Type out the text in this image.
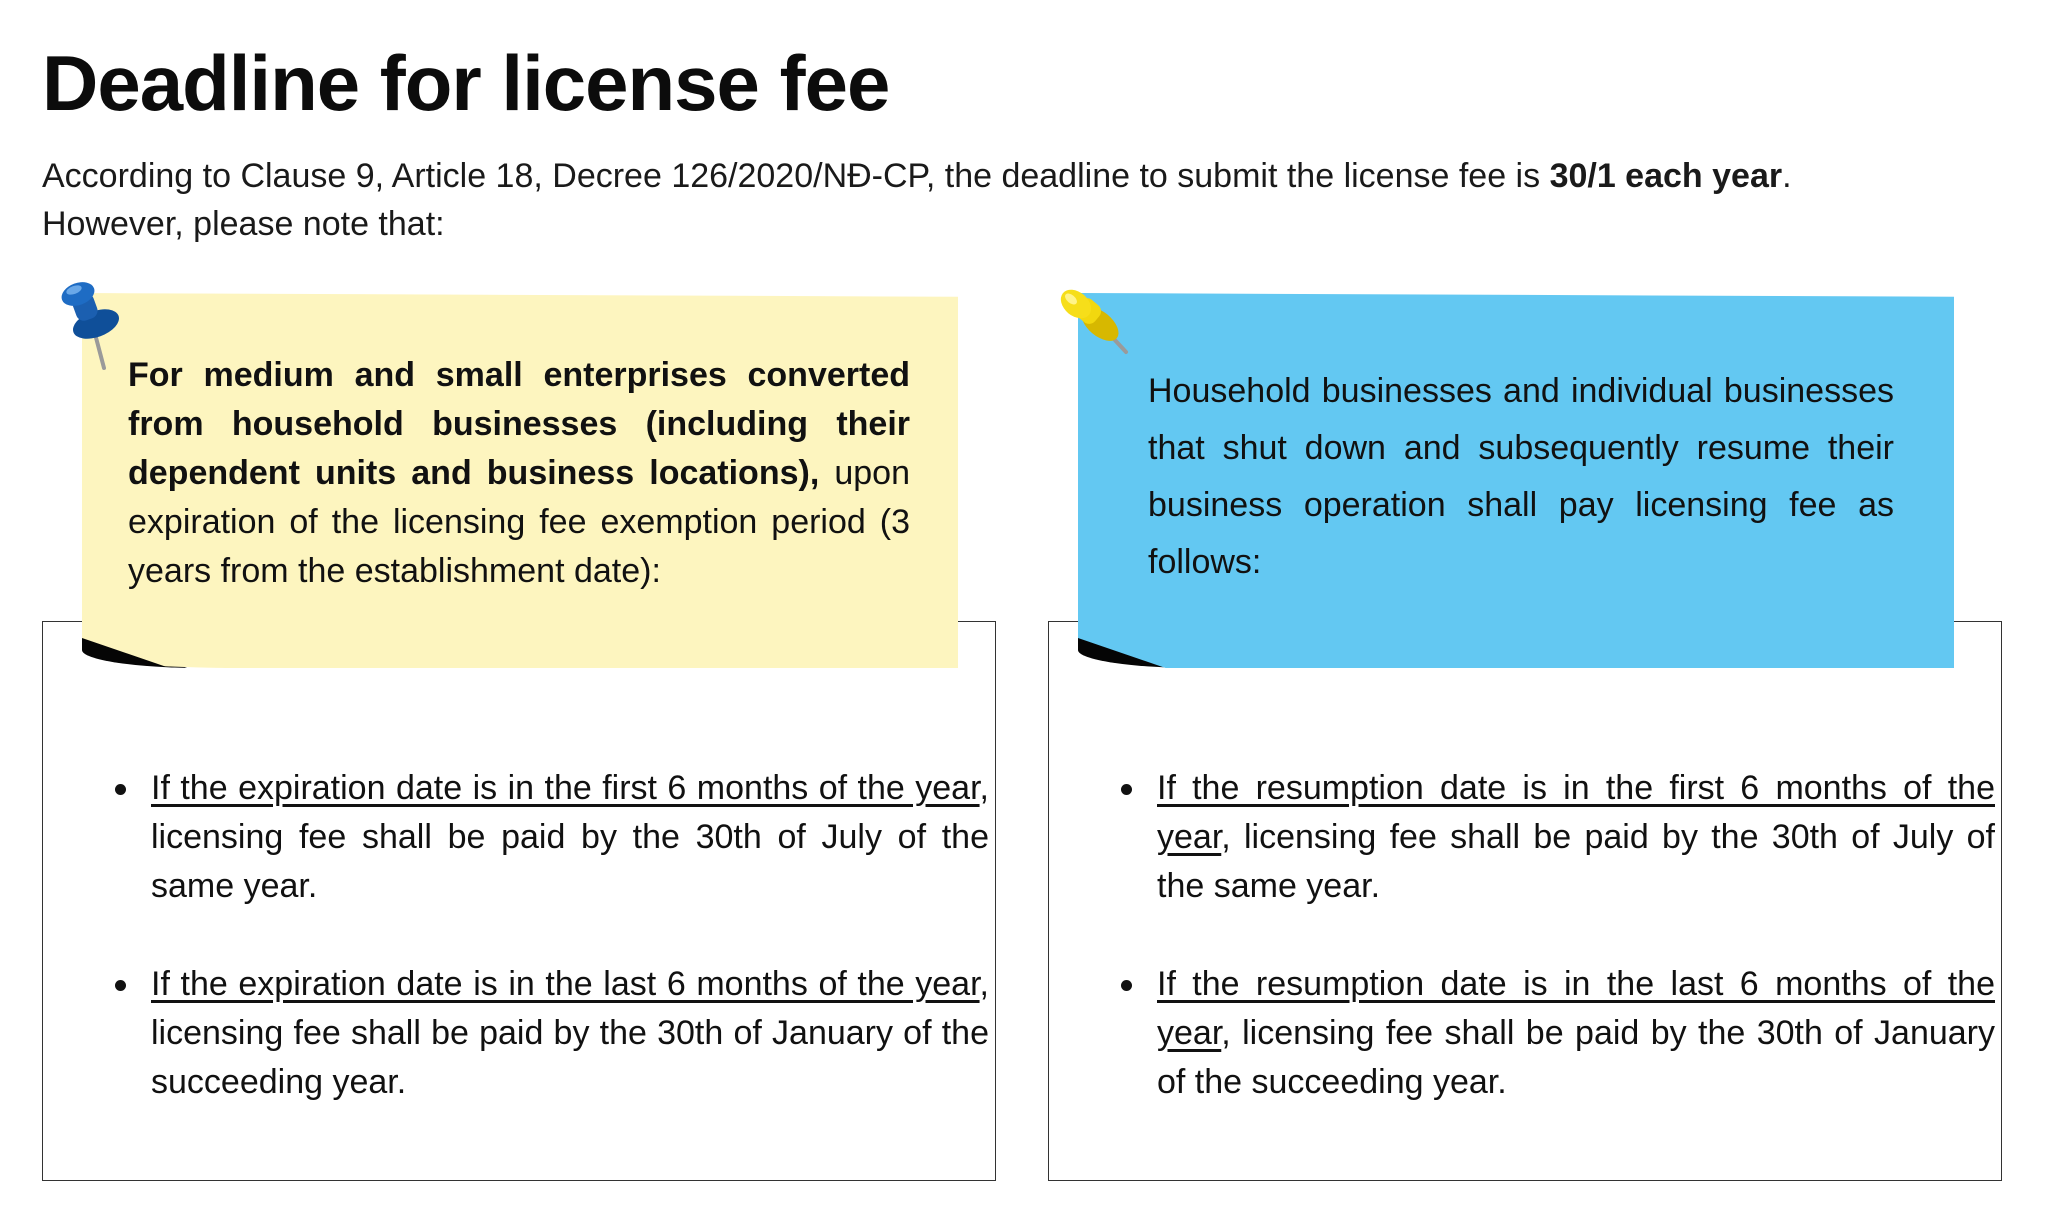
Deadline for license fee
According to Clause 9, Article 18, Decree 126/2020/NĐ-CP, the deadline to submit the license fee is 30/1 each year.
However, please note that:
If the expiration date is in the first 6 months of the year, licensing fee shall be paid by the 30th of July of the same year.
If the expiration date is in the last 6 months of the year, licensing fee shall be paid by the 30th of January of the succeeding year.

For medium and small enterprises converted from household businesses (including their dependent units and business locations), upon expiration of the licensing fee exemption period (3 years from the establishment date):

If the resumption date is in the first 6 months of the year, licensing fee shall be paid by the 30th of July of the same year.
If the resumption date is in the last 6 months of the year, licensing fee shall be paid by the 30th of January of the succeeding year.

Household businesses and individual businesses that shut down and subsequently resume their business operation shall pay licensing fee as follows:
